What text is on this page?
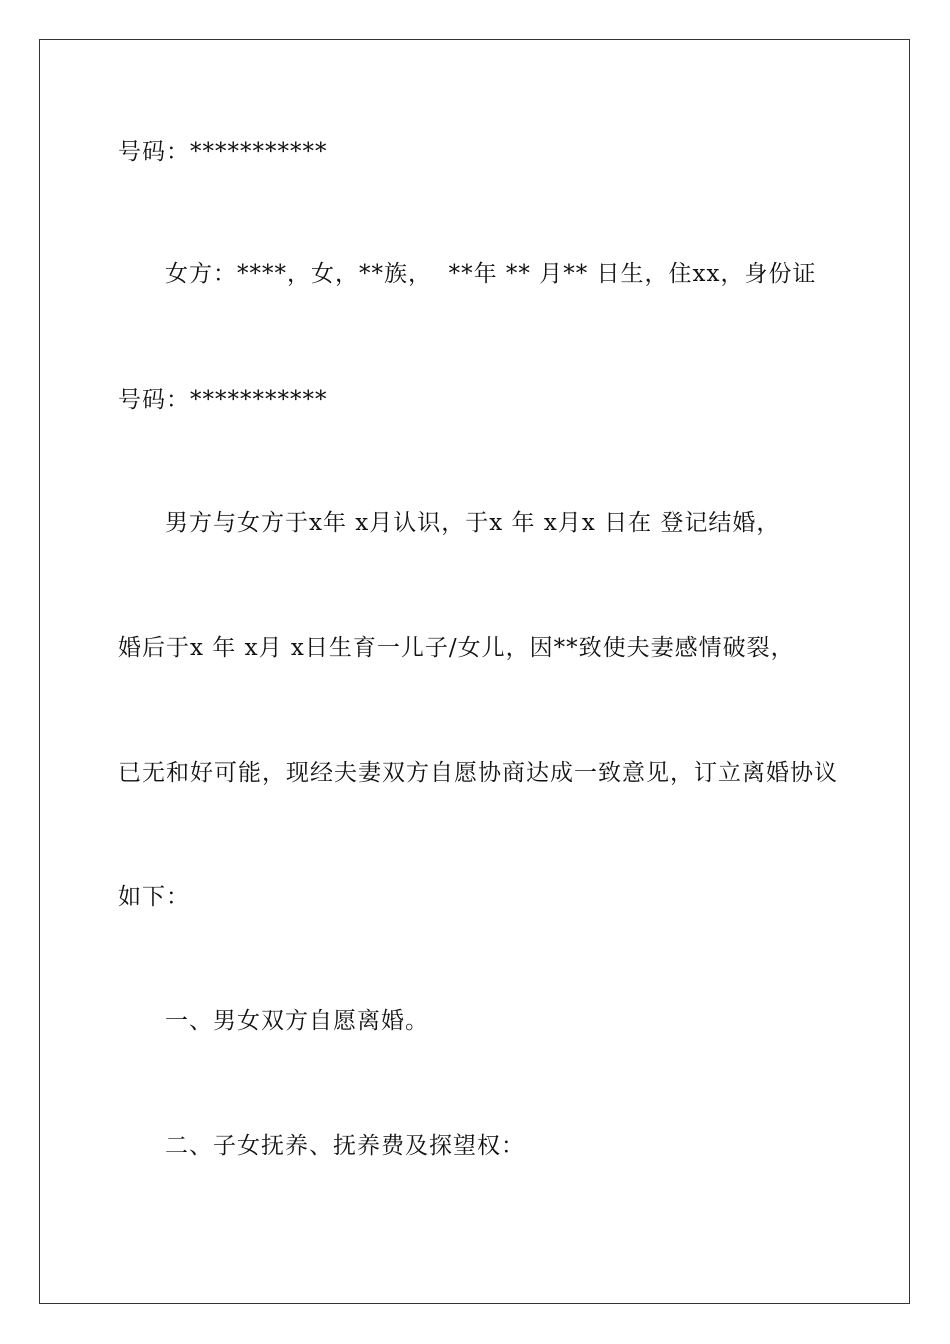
号码：***********
女方：****，女，**族，  **年 ** 月** 日生，住xx，身份证
号码：***********
男方与女方于x年 x月认识，于x 年 x月x 日在 登记结婚，
婚后于x 年 x月 x日生育一儿子/女儿，因**致使夫妻感情破裂，
已无和好可能，现经夫妻双方自愿协商达成一致意见，订立离婚协议
如下：
一、男女双方自愿离婚。
二、子女抚养、抚养费及探望权：
